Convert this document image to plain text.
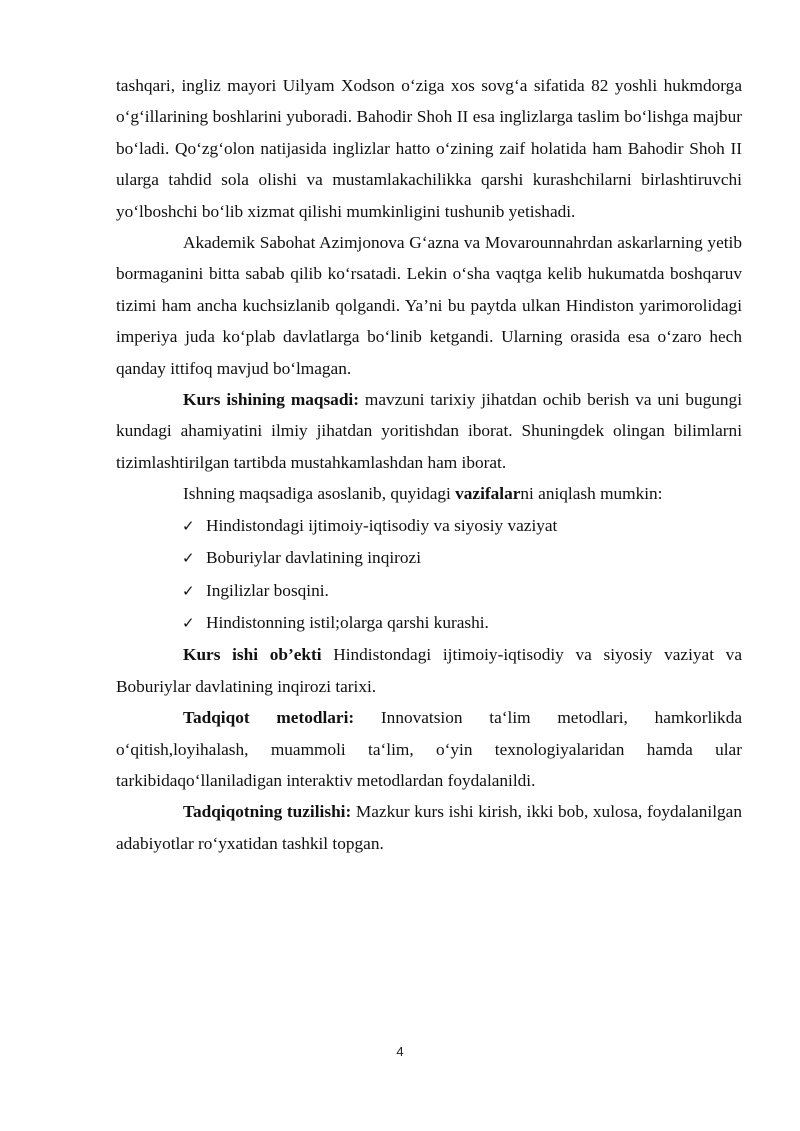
tashqari, ingliz mayori Uilyam Xodson o‘ziga xos sovg‘a sifatida 82 yoshli hukmdorga o‘g‘illarining boshlarini yuboradi. Bahodir Shoh II esa inglizlarga taslim bo‘lishga majbur bo‘ladi. Qo‘zg‘olon natijasida inglizlar hatto o‘zining zaif holatida ham Bahodir Shoh II ularga tahdid sola olishi va mustamlakachilikka qarshi kurashchilarni birlashtiruvchi yo‘lboshchi bo‘lib xizmat qilishi mumkinligini tushunib yetishadi.

Akademik Sabohat Azimjonova G‘azna va Movarounnahrdan askarlarning yetib bormaganini bitta sabab qilib ko‘rsatadi. Lekin o‘sha vaqtga kelib hukumatda boshqaruv tizimi ham ancha kuchsizlanib qolgandi. Ya’ni bu paytda ulkan Hindiston yarimorolidagi imperiya juda ko‘plab davlatlarga bo‘linib ketgandi. Ularning orasida esa o‘zaro hech qanday ittifoq mavjud bo‘lmagan.

Kurs ishining maqsadi: mavzuni tarixiy jihatdan ochib berish va uni bugungi kundagi ahamiyatini ilmiy jihatdan yoritishdan iborat. Shuningdek olingan bilimlarni tizimlashtirilgan tartibda mustahkamlashdan ham iborat.

Ishning maqsadiga asoslanib, quyidagi vazifalarni aniqlash mumkin:

✓ Hindistondagi ijtimoiy-iqtisodiy va siyosiy vaziyat
✓ Boburiylar davlatining inqirozi
✓ Ingilizlar bosqini.
✓ Hindistonning istil;olarga qarshi kurashi.

Kurs ishi ob’ekti Hindistondagi ijtimoiy-iqtisodiy va siyosiy vaziyat va Boburiylar davlatining inqirozi tarixi.

Tadqiqot metodlari: Innovatsion ta‘lim metodlari, hamkorlikda o‘qitish,loyihalash, muammoli ta‘lim, o‘yin texnologiyalaridan hamda ular tarkibidaqo‘llaniladigan interaktiv metodlardan foydalanildi.

Tadqiqotning tuzilishi: Mazkur kurs ishi kirish, ikki bob, xulosa, foydalanilgan adabiyotlar ro‘yxatidan tashkil topgan.

4
